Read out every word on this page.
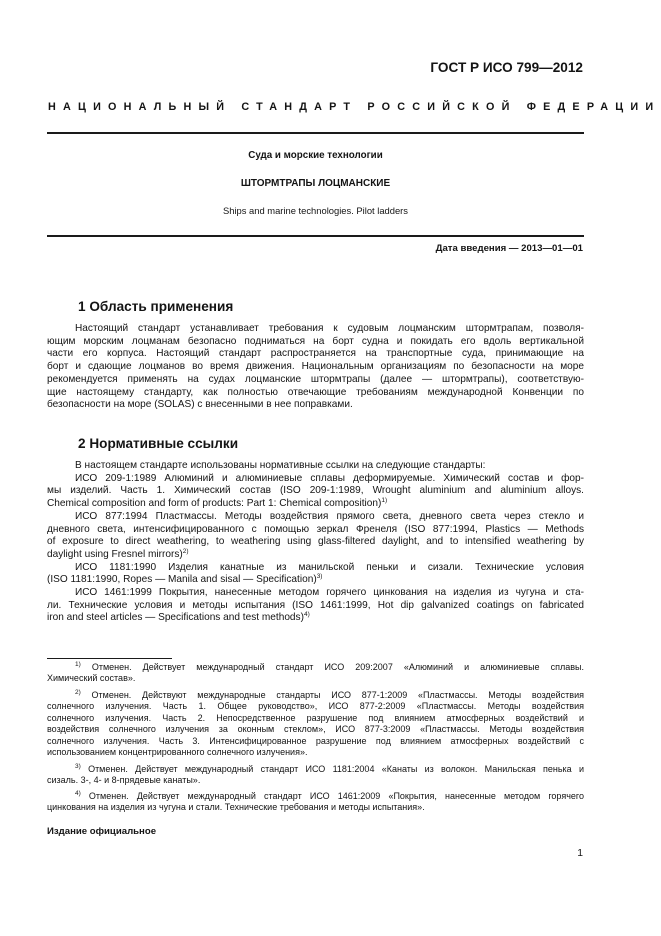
ГОСТ Р ИСО 799—2012
НАЦИОНАЛЬНЫЙ СТАНДАРТ РОССИЙСКОЙ ФЕДЕРАЦИИ
Суда и морские технологии
ШТОРМТРАПЫ ЛОЦМАНСКИЕ
Ships and marine technologies. Pilot ladders
Дата введения — 2013—01—01
1 Область применения
Настоящий стандарт устанавливает требования к судовым лоцманским штормтрапам, позволя-
ющим морским лоцманам безопасно подниматься на борт судна и покидать его вдоль вертикальной
части его корпуса. Настоящий стандарт распространяется на транспортные суда, принимающие на
борт и сдающие лоцманов во время движения. Национальным организациям по безопасности на море
рекомендуется применять на судах лоцманские штормтрапы (далее — штормтрапы), соответствую-
щие настоящему стандарту, как полностью отвечающие требованиям международной Конвенции по
безопасности на море (SOLAS) с внесенными в нее поправками.
2 Нормативные ссылки
В настоящем стандарте использованы нормативные ссылки на следующие стандарты:
ИСО 209-1:1989 Алюминий и алюминиевые сплавы деформируемые. Химический состав и фор-
мы изделий. Часть 1. Химический состав (ISO 209-1:1989, Wrought aluminium and aluminium alloys.
Chemical composition and form of products: Part 1: Chemical composition)$^{1)}$
ИСО 877:1994 Пластмассы. Методы воздействия прямого света, дневного света через стекло и
дневного света, интенсифицированного с помощью зеркал Френеля (ISO 877:1994, Plastics — Methods
of exposure to direct weathering, to weathering using glass-filtered daylight, and to intensified weathering by
daylight using Fresnel mirrors)$^{2)}$
ИСО 1181:1990 Изделия канатные из манильской пеньки и сизали. Технические условия
(ISO 1181:1990, Ropes — Manila and sisal — Specification)$^{3)}$
ИСО 1461:1999 Покрытия, нанесенные методом горячего цинкования на изделия из чугуна и ста-
ли. Технические условия и методы испытания (ISO 1461:1999, Hot dip galvanized coatings on fabricated
iron and steel articles — Specifications and test methods)$^{4)}$
$^{1)}$ Отменен. Действует международный стандарт ИСО 209:2007 «Алюминий и алюминиевые сплавы.
Химический состав».
$^{2)}$ Отменен. Действуют международные стандарты ИСО 877-1:2009 «Пластмассы. Методы воздействия
солнечного излучения. Часть 1. Общее руководство», ИСО 877-2:2009 «Пластмассы. Методы воздействия
солнечного излучения. Часть 2. Непосредственное разрушение под влиянием атмосферных воздействий и
воздействия солнечного излучения за оконным стеклом», ИСО 877-3:2009 «Пластмассы. Методы воздействия
солнечного излучения. Часть 3. Интенсифицированное разрушение под влиянием атмосферных воздействий с
использованием концентрированного солнечного излучения».
$^{3)}$ Отменен. Действует международный стандарт ИСО 1181:2004 «Канаты из волокон. Манильская пенька и
сизаль. 3-, 4- и 8-прядевые канаты».
$^{4)}$ Отменен. Действует международный стандарт ИСО 1461:2009 «Покрытия, нанесенные методом горячего
цинкования на изделия из чугуна и стали. Технические требования и методы испытания».
Издание официальное
1
